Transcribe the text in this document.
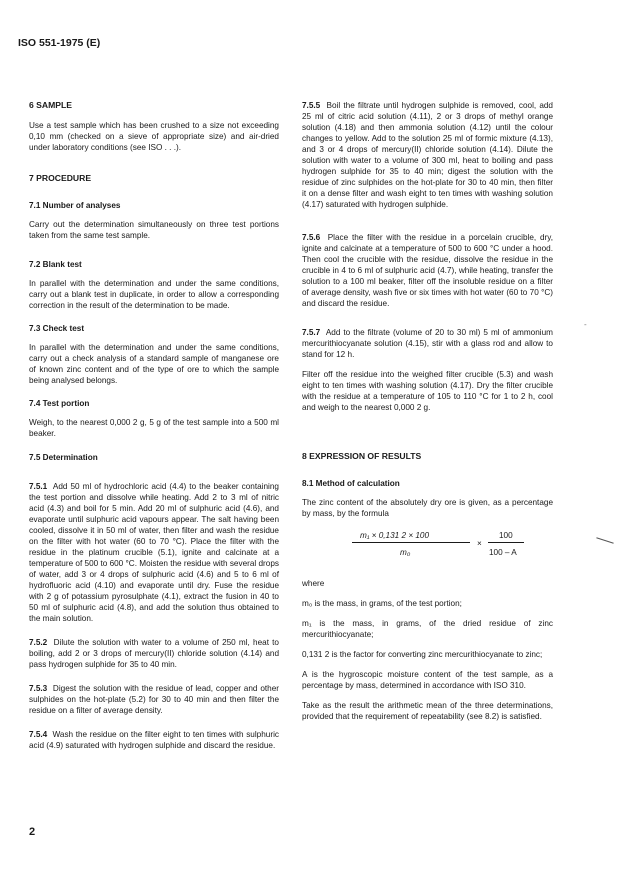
ISO 551-1975 (E)
6 SAMPLE

Use a test sample which has been crushed to a size not exceeding 0,10 mm (checked on a sieve of appropriate size) and air-dried under laboratory conditions (see ISO . . .).

7 PROCEDURE
7.1 Number of analyses

Carry out the determination simultaneously on three test portions taken from the same test sample.

7.2 Blank test

In parallel with the determination and under the same conditions, carry out a blank test in duplicate, in order to allow a corresponding correction in the result of the determination to be made.

7.3 Check test

In parallel with the determination and under the same conditions, carry out a check analysis of a standard sample of manganese ore of known zinc content and of the type of ore to which the sample being analysed belongs.

7.4 Test portion

Weigh, to the nearest 0,000 2 g, 5 g of the test sample into a 500 ml beaker.

7.5 Determination

7.5.1 Add 50 ml of hydrochloric acid (4.4) to the beaker containing the test portion and dissolve while heating. Add 2 to 3 ml of nitric acid (4.3) and boil for 5 min. Add 20 ml of sulphuric acid (4.6), and evaporate until sulphuric acid vapours appear. The salt having been cooled, dissolve it in 50 ml of water, then filter and wash the residue on the filter with hot water (60 to 70 °C). Place the filter with the residue in the platinum crucible (5.1), ignite and calcinate at a temperature of 500 to 600 °C. Moisten the residue with several drops of water, add 3 or 4 drops of sulphuric acid (4.6) and 5 to 6 ml of hydrofluoric acid (4.10) and evaporate until dry. Fuse the residue with 2 g of potassium pyrosulphate (4.1), extract the fusion in 40 to 50 ml of sulphuric acid (4.8), and add the solution thus obtained to the main solution.

7.5.2 Dilute the solution with water to a volume of 250 ml, heat to boiling, add 2 or 3 drops of mercury(II) chloride solution (4.14) and pass hydrogen sulphide for 35 to 40 min.

7.5.3 Digest the solution with the residue of lead, copper and other sulphides on the hot-plate (5.2) for 30 to 40 min and then filter the residue on a filter of average density.

7.5.4 Wash the residue on the filter eight to ten times with sulphuric acid (4.9) saturated with hydrogen sulphide and discard the residue.

7.5.5 Boil the filtrate until hydrogen sulphide is removed, cool, add 25 ml of citric acid solution (4.11), 2 or 3 drops of methyl orange solution (4.18) and then ammonia solution (4.12) until the colour changes to yellow. Add to the solution 25 ml of formic mixture (4.13), and 3 or 4 drops of mercury(II) chloride solution (4.14). Dilute the solution with water to a volume of 300 ml, heat to boiling and pass hydrogen sulphide for 35 to 40 min; digest the solution with the residue of zinc sulphides on the hot-plate for 30 to 40 min, then filter it on a dense filter and wash eight to ten times with washing solution (4.17) saturated with hydrogen sulphide.

7.5.6 Place the filter with the residue in a porcelain crucible, dry, ignite and calcinate at a temperature of 500 to 600 °C under a hood. Then cool the crucible with the residue, dissolve the residue in the crucible in 4 to 6 ml of sulphuric acid (4.7), while heating, transfer the solution to a 100 ml beaker, filter off the insoluble residue on a filter of average density, wash five or six times with hot water (60 to 70 °C) and discard the residue.

7.5.7 Add to the filtrate (volume of 20 to 30 ml) 5 ml of ammonium mercurithiocyanate solution (4.15), stir with a glass rod and allow to stand for 12 h.

Filter off the residue into the weighed filter crucible (5.3) and wash eight to ten times with washing solution (4.17). Dry the filter crucible with the residue at a temperature of 105 to 110 °C for 1 to 2 h, cool and weigh to the nearest 0,000 2 g.

8 EXPRESSION OF RESULTS
8.1 Method of calculation

The zinc content of the absolutely dry ore is given, as a percentage by mass, by the formula

m₁ × 0,131 2 × 100
m₀
×
100
100 – A

where

m₀ is the mass, in grams, of the test portion;

m₁ is the mass, in grams, of the dried residue of zinc mercurithiocyanate;

0,131 2 is the factor for converting zinc mercurithiocyanate to zinc;

A is the hygroscopic moisture content of the test sample, as a percentage by mass, determined in accordance with ISO 310.

Take as the result the arithmetic mean of the three determinations, provided that the requirement of repeatability (see 8.2) is satisfied.

-
2
